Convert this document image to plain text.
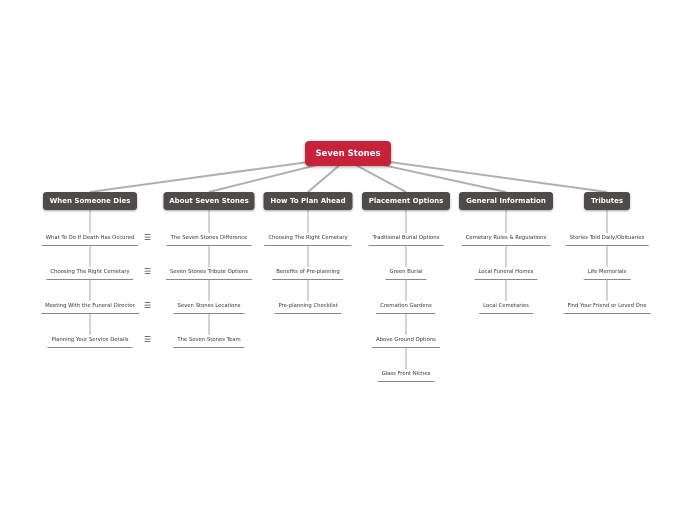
Seven Stones
When Someone Dies
What To Do If Death Has Occured	☰
Choosing The Right Cemetary	☰
Meeting With the Funeral Director	☰
Planning Your Service Details	☰
About Seven Stones
The Seven Stones Difference
Seven Stones Tribute Options
Seven Stones Locations
The Seven Stones Team
How To Plan Ahead
Choosing The Right Cemetary
Benefits of Pre-planning
Pre-planning Checklist
Placement Options
Traditional Burial Options
Green Burial
Cremation Gardens
Above Ground Options
Glass Front Niches
General Information
Cemetary Rules & Regulations
Local Funeral Homes
Local Cemetaries
Tributes
Stories Told Daily/Obituaries
Life Memorials
Find Your Friend or Loved One
